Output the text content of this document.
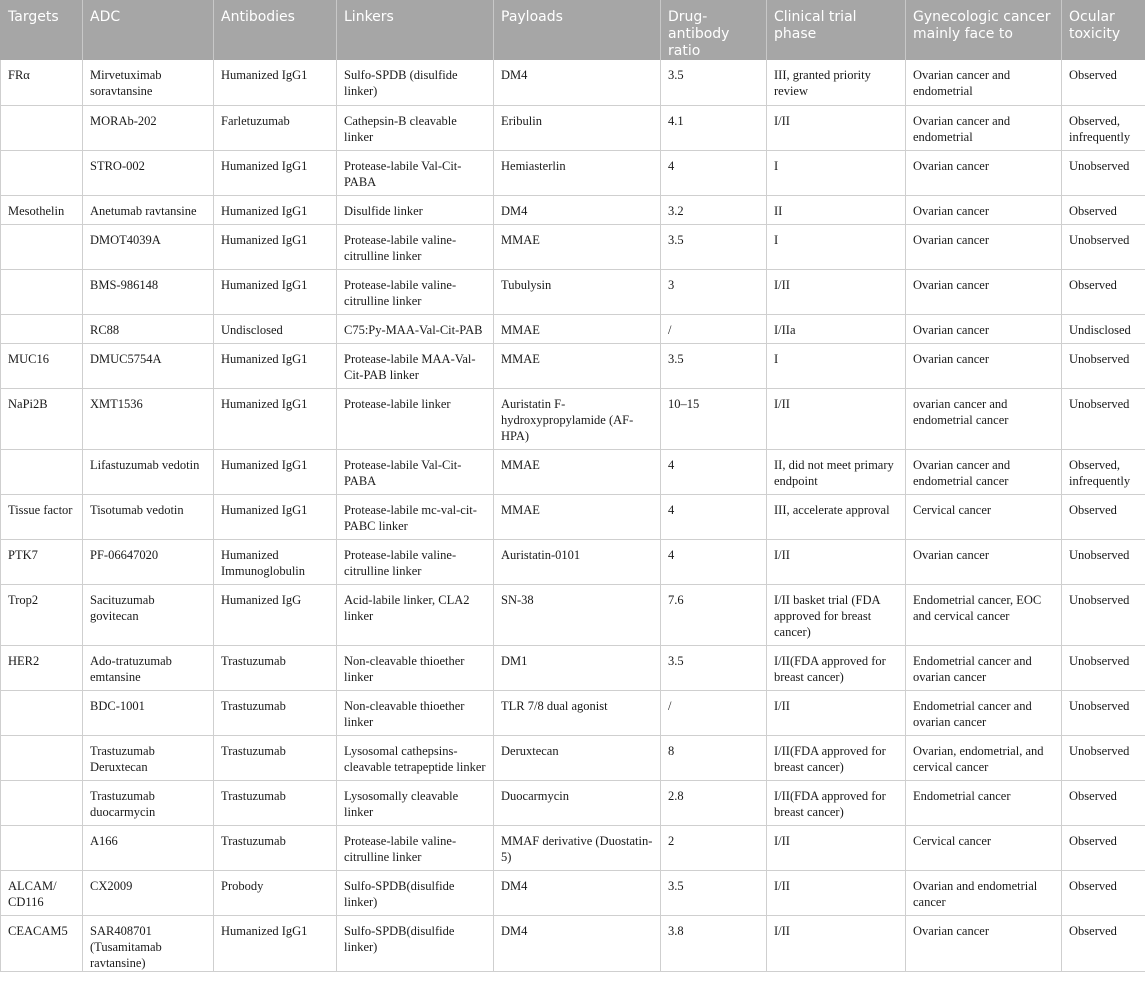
Targets	ADC	Antibodies	Linkers	Payloads	Drug-antibody ratio	Clinical trial phase	Gynecologic cancer mainly face to	Ocular toxicity
FRα	Mirvetuximab soravtansine	Humanized IgG1	Sulfo-SPDB (disulfide linker)	DM4	3.5	III, granted priority review	Ovarian cancer and endometrial	Observed
	MORAb-202	Farletuzumab	Cathepsin-B cleavable linker	Eribulin	4.1	I/II	Ovarian cancer and endometrial	Observed, infrequently
	STRO-002	Humanized IgG1	Protease-labile Val-Cit-PABA	Hemiasterlin	4	I	Ovarian cancer	Unobserved
Mesothelin	Anetumab ravtansine	Humanized IgG1	Disulfide linker	DM4	3.2	II	Ovarian cancer	Observed
	DMOT4039A	Humanized IgG1	Protease-labile valine-citrulline linker	MMAE	3.5	I	Ovarian cancer	Unobserved
	BMS-986148	Humanized IgG1	Protease-labile valine-citrulline linker	Tubulysin	3	I/II	Ovarian cancer	Observed
	RC88	Undisclosed	C75:Py-MAA-Val-Cit-PAB	MMAE	/	I/IIa	Ovarian cancer	Undisclosed
MUC16	DMUC5754A	Humanized IgG1	Protease-labile MAA-Val-Cit-PAB linker	MMAE	3.5	I	Ovarian cancer	Unobserved
NaPi2B	XMT1536	Humanized IgG1	Protease-labile linker	Auristatin F-hydroxypropylamide (AF-HPA)	10–15	I/II	ovarian cancer and endometrial cancer	Unobserved
	Lifastuzumab vedotin	Humanized IgG1	Protease-labile Val-Cit-PABA	MMAE	4	II, did not meet primary endpoint	Ovarian cancer and endometrial cancer	Observed, infrequently
Tissue factor	Tisotumab vedotin	Humanized IgG1	Protease-labile mc-val-cit-PABC linker	MMAE	4	III, accelerate approval	Cervical cancer	Observed
PTK7	PF-06647020	Humanized Immunoglobulin	Protease-labile valine-citrulline linker	Auristatin-0101	4	I/II	Ovarian cancer	Unobserved
Trop2	Sacituzumab govitecan	Humanized IgG	Acid-labile linker, CLA2 linker	SN-38	7.6	I/II basket trial (FDA approved for breast cancer)	Endometrial cancer, EOC and cervical cancer	Unobserved
HER2	Ado-tratuzumab emtansine	Trastuzumab	Non-cleavable thioether linker	DM1	3.5	I/II(FDA approved for breast cancer)	Endometrial cancer and ovarian cancer	Unobserved
	BDC-1001	Trastuzumab	Non-cleavable thioether linker	TLR 7/8 dual agonist	/	I/II	Endometrial cancer and ovarian cancer	Unobserved
	Trastuzumab Deruxtecan	Trastuzumab	Lysosomal cathepsins-cleavable tetrapeptide linker	Deruxtecan	8	I/II(FDA approved for breast cancer)	Ovarian, endometrial, and cervical cancer	Unobserved
	Trastuzumab duocarmycin	Trastuzumab	Lysosomally cleavable linker	Duocarmycin	2.8	I/II(FDA approved for breast cancer)	Endometrial cancer	Observed
	A166	Trastuzumab	Protease-labile valine-citrulline linker	MMAF derivative (Duostatin-5)	2	I/II	Cervical cancer	Observed
ALCAM/ CD116	CX2009	Probody	Sulfo-SPDB(disulfide linker)	DM4	3.5	I/II	Ovarian and endometrial cancer	Observed
CEACAM5	SAR408701 (Tusamitamab ravtansine)	Humanized IgG1	Sulfo-SPDB(disulfide linker)	DM4	3.8	I/II	Ovarian cancer	Observed
